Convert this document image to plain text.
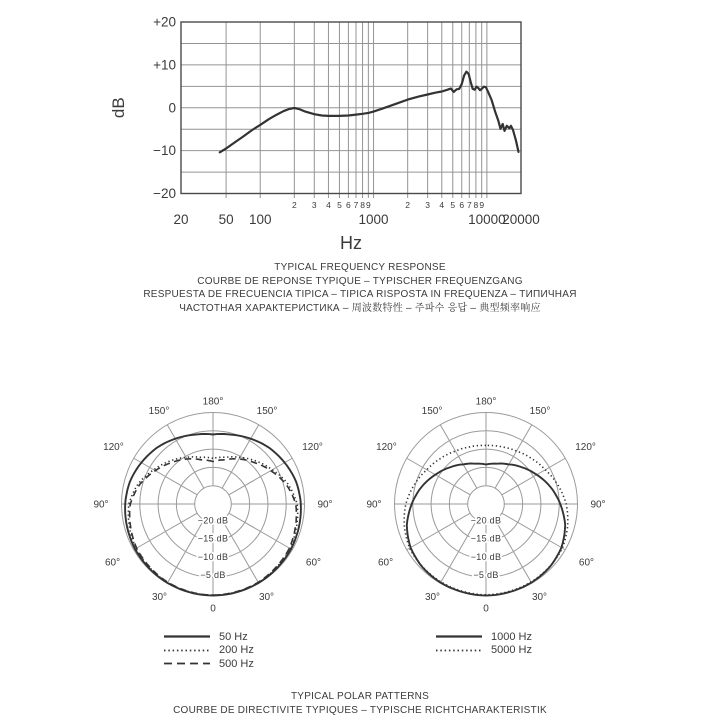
+20
+10
0
−10
−20
20 50 100	1000	10000
20000
2 3 4 5 6 7 8 9	2 3 4 5 6 7 8 9
dB
Hz
TYPICAL FREQUENCY RESPONSE
COURBE DE REPONSE TYPIQUE – TYPISCHER FREQUENZGANG
RESPUESTA DE FRECUENCIA TIPICA – TIPICA RISPOSTA IN FREQUENZA – ТИПИЧНАЯ
ЧАСТОТНАЯ ХАРАКТЕРИСТИКА – 周波数特性 – 주파수 응답 – 典型频率响应
0
30°
30°
60°
60°
90°
90°
120°
120°
150°
150°
180°
−20 dB
−15 dB
−10 dB
−5 dB
0
30°
30°
60°
60°
90°
90°
120°
120°
150°
150°
180°
−20 dB
−15 dB
−10 dB
−5 dB
50 Hz
200 Hz
500 Hz
1000 Hz
5000 Hz
TYPICAL POLAR PATTERNS
COURBE DE DIRECTIVITE TYPIQUES – TYPISCHE RICHTCHARAKTERISTIK
